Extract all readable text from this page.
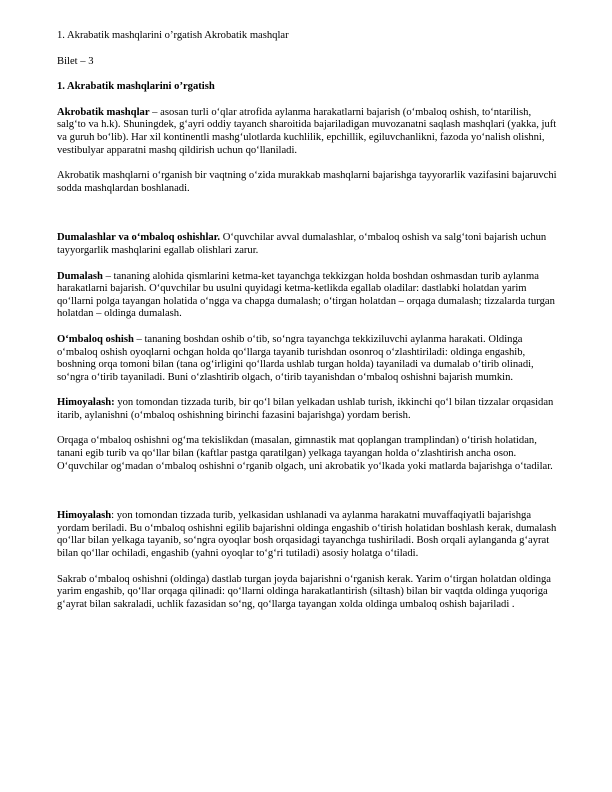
1. Akrabatik mashqlarini o’rgatish Akrobatik mashqlar

Bilet – 3

1. Akrabatik mashqlarini o’rgatish

Akrobatik mashqlar – asosan turli o‘qlar atrofida aylanma harakatlarni bajarish (o‘mbaloq oshish, to‘ntarilish, salg‘to va h.k). Shuningdek, g‘ayri oddiy tayanch sharoitida bajariladigan muvozanatni saqlash mashqlari (yakka, juft va guruh bo‘lib). Har xil kontinentli mashg‘ulotlarda kuchlilik, epchillik, egiluvchanlikni, fazoda yo‘nalish olishni, vestibulyar apparatni mashq qildirish uchun qo‘llaniladi.

Akrobatik mashqlarni o‘rganish bir vaqtning o‘zida murakkab mashqlarni bajarishga tayyorarlik vazifasini bajaruvchi sodda mashqlardan boshlanadi.

Dumalashlar va o‘mbaloq oshishlar. O‘quvchilar avval dumalashlar, o‘mbaloq oshish va salg‘toni bajarish uchun tayyorgarlik mashqlarini egallab olishlari zarur.

Dumalash – tananing alohida qismlarini ketma-ket tayanchga tekkizgan holda boshdan oshmasdan turib aylanma harakatlarni bajarish. O‘quvchilar bu usulni quyidagi ketma-ketlikda egallab oladilar: dastlabki holatdan yarim qo‘llarni polga tayangan holatida o‘ngga va chapga dumalash; o‘tirgan holatdan – orqaga dumalash; tizzalarda turgan holatdan – oldinga dumalash.

O‘mbaloq oshish – tananing boshdan oshib o‘tib, so‘ngra tayanchga tekkiziluvchi aylanma harakati. Oldinga o‘mbaloq oshish oyoqlarni ochgan holda qo‘llarga tayanib turishdan osonroq o‘zlashtiriladi: oldinga engashib, boshning orqa tomoni bilan (tana og‘irligini qo‘llarda ushlab turgan holda) tayaniladi va dumalab o‘tirib olinadi, so‘ngra o‘tirib tayaniladi. Buni o‘zlashtirib olgach, o‘tirib tayanishdan o‘mbaloq oshishni bajarish mumkin.

Himoyalash: yon tomondan tizzada turib, bir qo‘l bilan yelkadan ushlab turish, ikkinchi qo‘l bilan tizzalar orqasidan itarib, aylanishni (o‘mbaloq oshishning birinchi fazasini bajarishga) yordam berish.

Orqaga o‘mbaloq oshishni og‘ma tekislikdan (masalan, gimnastik mat qoplangan tramplindan) o‘tirish holatidan, tanani egib turib va qo‘llar bilan (kaftlar pastga qaratilgan) yelkaga tayangan holda o‘zlashtirish ancha oson. O‘quvchilar og‘madan o‘mbaloq oshishni o‘rganib olgach, uni akrobatik yo‘lkada yoki matlarda bajarishga o‘tadilar.

Himoyalash: yon tomondan tizzada turib, yelkasidan ushlanadi va aylanma harakatni muvaffaqiyatli bajarishga yordam beriladi. Bu o‘mbaloq oshishni egilib bajarishni oldinga engashib o‘tirish holatidan boshlash kerak, dumalash qo‘llar bilan yelkaga tayanib, so‘ngra oyoqlar bosh orqasidagi tayanchga tushiriladi. Bosh orqali aylanganda g‘ayrat bilan qo‘llar ochiladi, engashib (yahni oyoqlar to‘g‘ri tutiladi) asosiy holatga o‘tiladi.

Sakrab o‘mbaloq oshishni (oldinga) dastlab turgan joyda bajarishni o‘rganish kerak. Yarim o‘tirgan holatdan oldinga yarim engashib, qo‘llar orqaga qilinadi: qo‘llarni oldinga harakatlantirish (siltash) bilan bir vaqtda oldinga yuqoriga g‘ayrat bilan sakraladi, uchlik fazasidan so‘ng, qo‘llarga tayangan xolda oldinga umbaloq oshish bajariladi .
